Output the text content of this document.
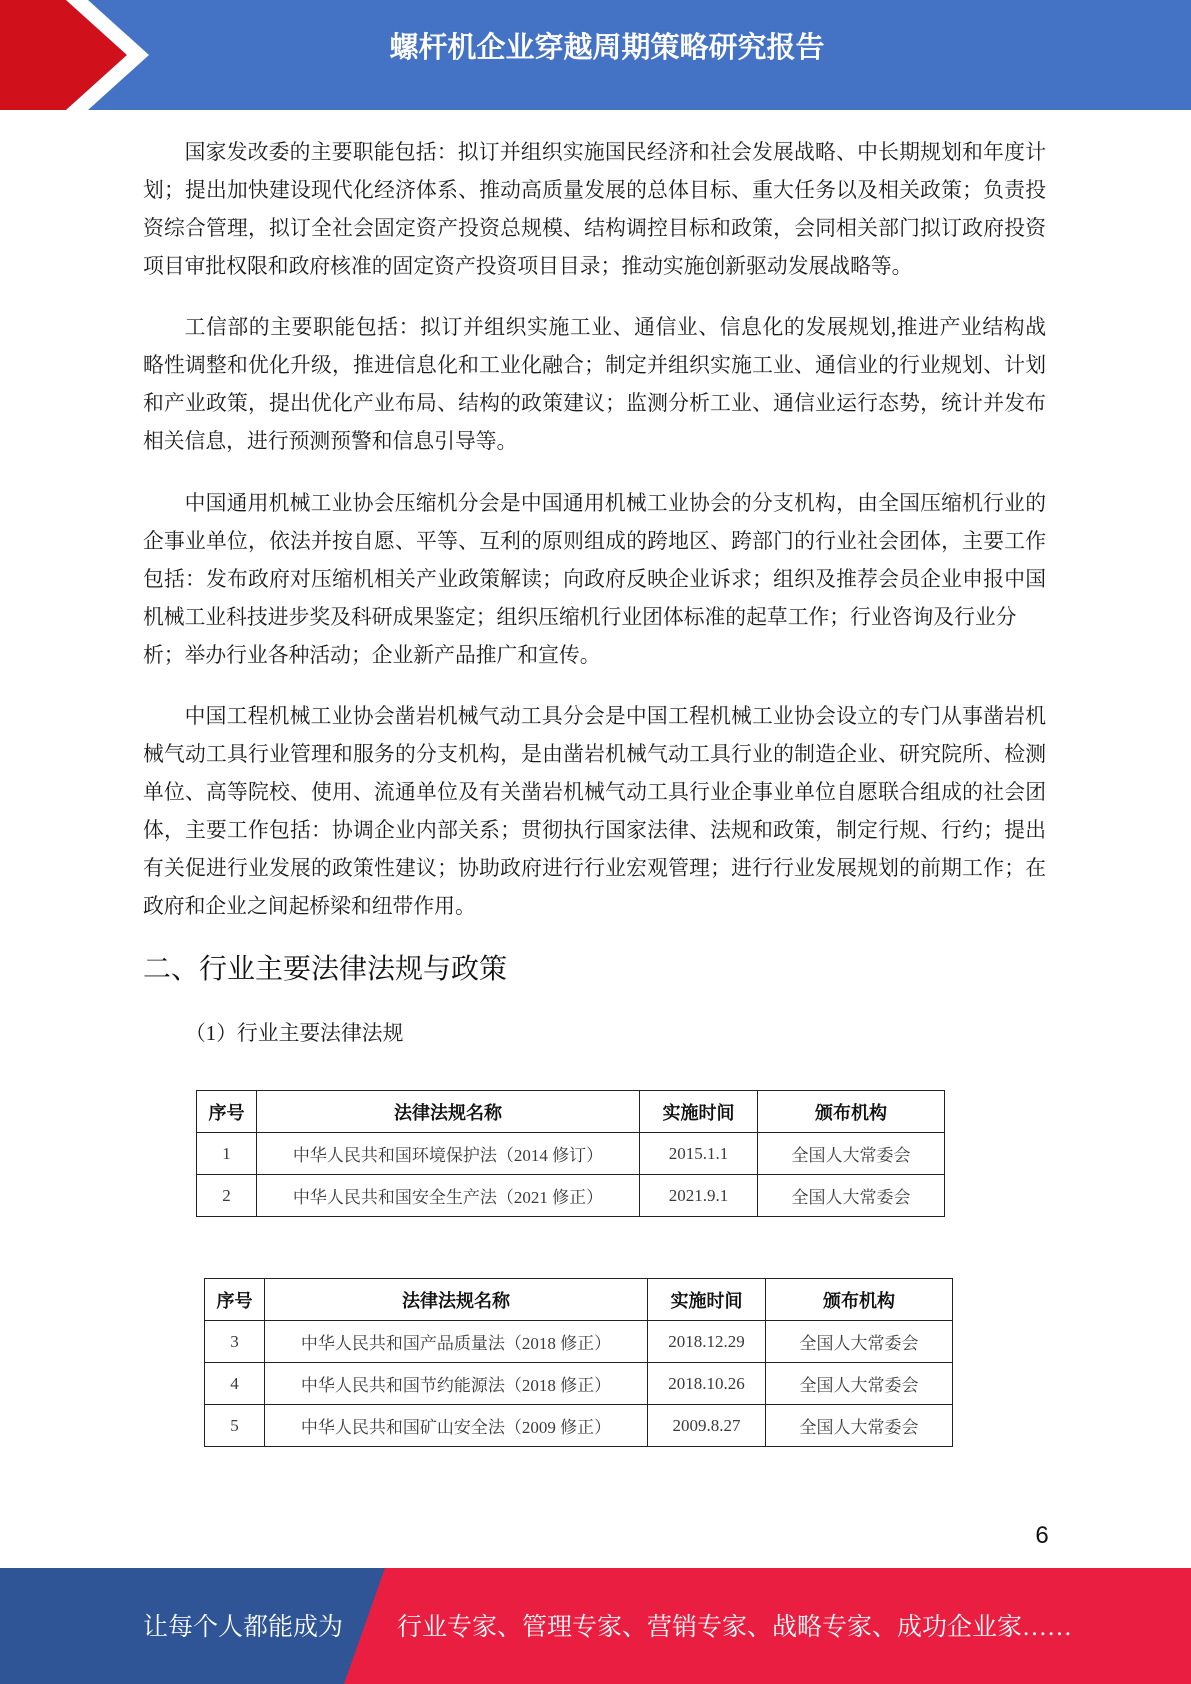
螺杆机企业穿越周期策略研究报告
国家发改委的主要职能包括：拟订并组织实施国民经济和社会发展战略、中长期规划和年度计
划；提出加快建设现代化经济体系、推动高质量发展的总体目标、重大任务以及相关政策；负责投
资综合管理，拟订全社会固定资产投资总规模、结构调控目标和政策，会同相关部门拟订政府投资
项目审批权限和政府核准的固定资产投资项目目录；推动实施创新驱动发展战略等。
工信部的主要职能包括：拟订并组织实施工业、通信业、信息化的发展规划,推进产业结构战
略性调整和优化升级，推进信息化和工业化融合；制定并组织实施工业、通信业的行业规划、计划
和产业政策，提出优化产业布局、结构的政策建议；监测分析工业、通信业运行态势，统计并发布
相关信息，进行预测预警和信息引导等。
中国通用机械工业协会压缩机分会是中国通用机械工业协会的分支机构，由全国压缩机行业的
企事业单位，依法并按自愿、平等、互利的原则组成的跨地区、跨部门的行业社会团体，主要工作
包括：发布政府对压缩机相关产业政策解读；向政府反映企业诉求；组织及推荐会员企业申报中国
机械工业科技进步奖及科研成果鉴定；组织压缩机行业团体标准的起草工作；行业咨询及行业分
析；举办行业各种活动；企业新产品推广和宣传。
中国工程机械工业协会凿岩机械气动工具分会是中国工程机械工业协会设立的专门从事凿岩机
械气动工具行业管理和服务的分支机构，是由凿岩机械气动工具行业的制造企业、研究院所、检测
单位、高等院校、使用、流通单位及有关凿岩机械气动工具行业企事业单位自愿联合组成的社会团
体，主要工作包括：协调企业内部关系；贯彻执行国家法律、法规和政策，制定行规、行约；提出
有关促进行业发展的政策性建议；协助政府进行行业宏观管理；进行行业发展规划的前期工作；在
政府和企业之间起桥梁和纽带作用。
二、行业主要法律法规与政策
（1）行业主要法律法规
序号	法律法规名称	实施时间	颁布机构
1	中华人民共和国环境保护法（2014 修订）	2015.1.1	全国人大常委会
2	中华人民共和国安全生产法（2021 修正）	2021.9.1	全国人大常委会
序号	法律法规名称	实施时间	颁布机构
3	中华人民共和国产品质量法（2018 修正）	2018.12.29	全国人大常委会
4	中华人民共和国节约能源法（2018 修正）	2018.10.26	全国人大常委会
5	中华人民共和国矿山安全法（2009 修正）	2009.8.27	全国人大常委会
6
让每个人都能成为 行业专家、管理专家、营销专家、战略专家、成功企业家……
